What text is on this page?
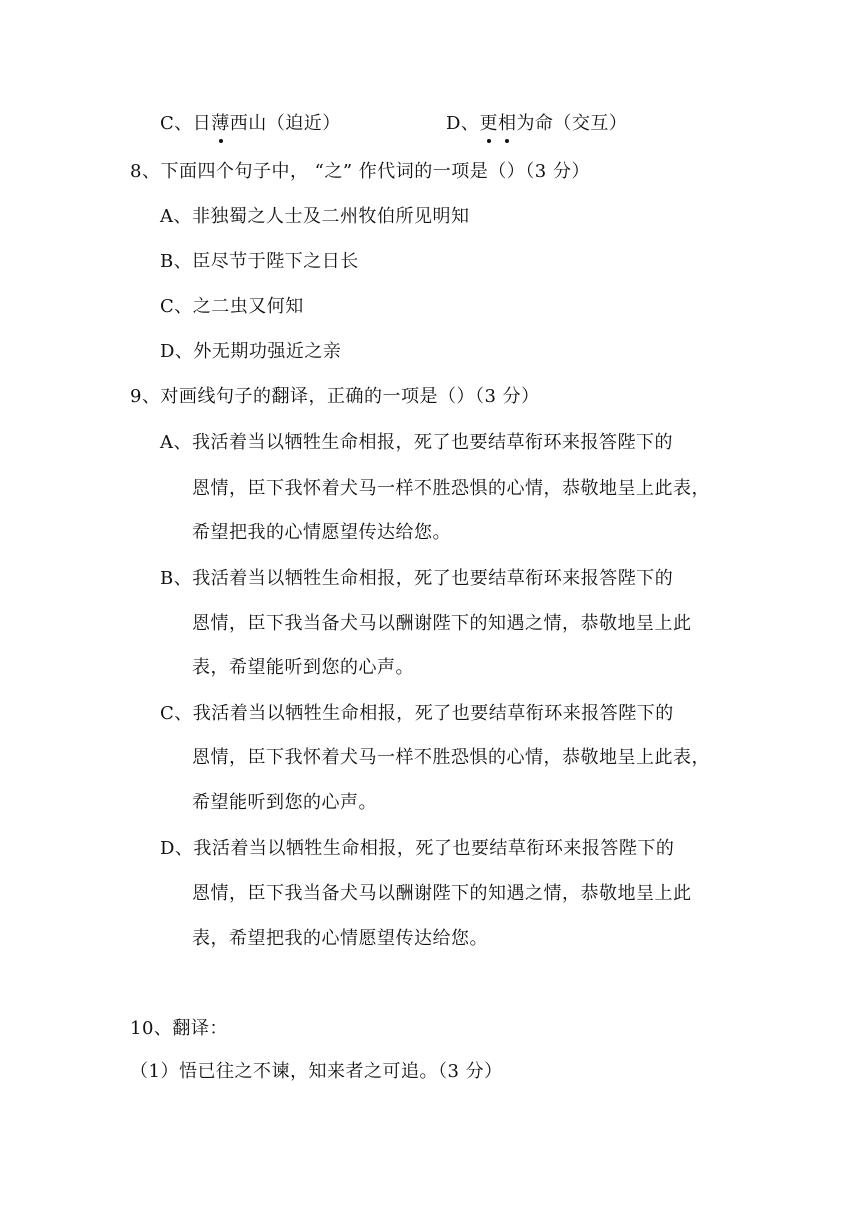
C、日薄西山（迫近）	D、更相为命（交互）
8、下面四个句子中， “之” 作代词的一项是（）（3 分）
A、非独蜀之人士及二州牧伯所见明知
B、臣尽节于陛下之日长
C、之二虫又何知
D、外无期功强近之亲
9、对画线句子的翻译，正确的一项是（）（3 分）
A、我活着当以牺牲生命相报，死了也要结草衔环来报答陛下的
恩情，臣下我怀着犬马一样不胜恐惧的心情，恭敬地呈上此表，
希望把我的心情愿望传达给您。
B、我活着当以牺牲生命相报，死了也要结草衔环来报答陛下的
恩情，臣下我当备犬马以酬谢陛下的知遇之情，恭敬地呈上此
表，希望能听到您的心声。
C、我活着当以牺牲生命相报，死了也要结草衔环来报答陛下的
恩情，臣下我怀着犬马一样不胜恐惧的心情，恭敬地呈上此表，
希望能听到您的心声。
D、我活着当以牺牲生命相报，死了也要结草衔环来报答陛下的
恩情，臣下我当备犬马以酬谢陛下的知遇之情，恭敬地呈上此
表，希望把我的心情愿望传达给您。
10、翻译：
（1）悟已往之不谏，知来者之可追。（3 分）
